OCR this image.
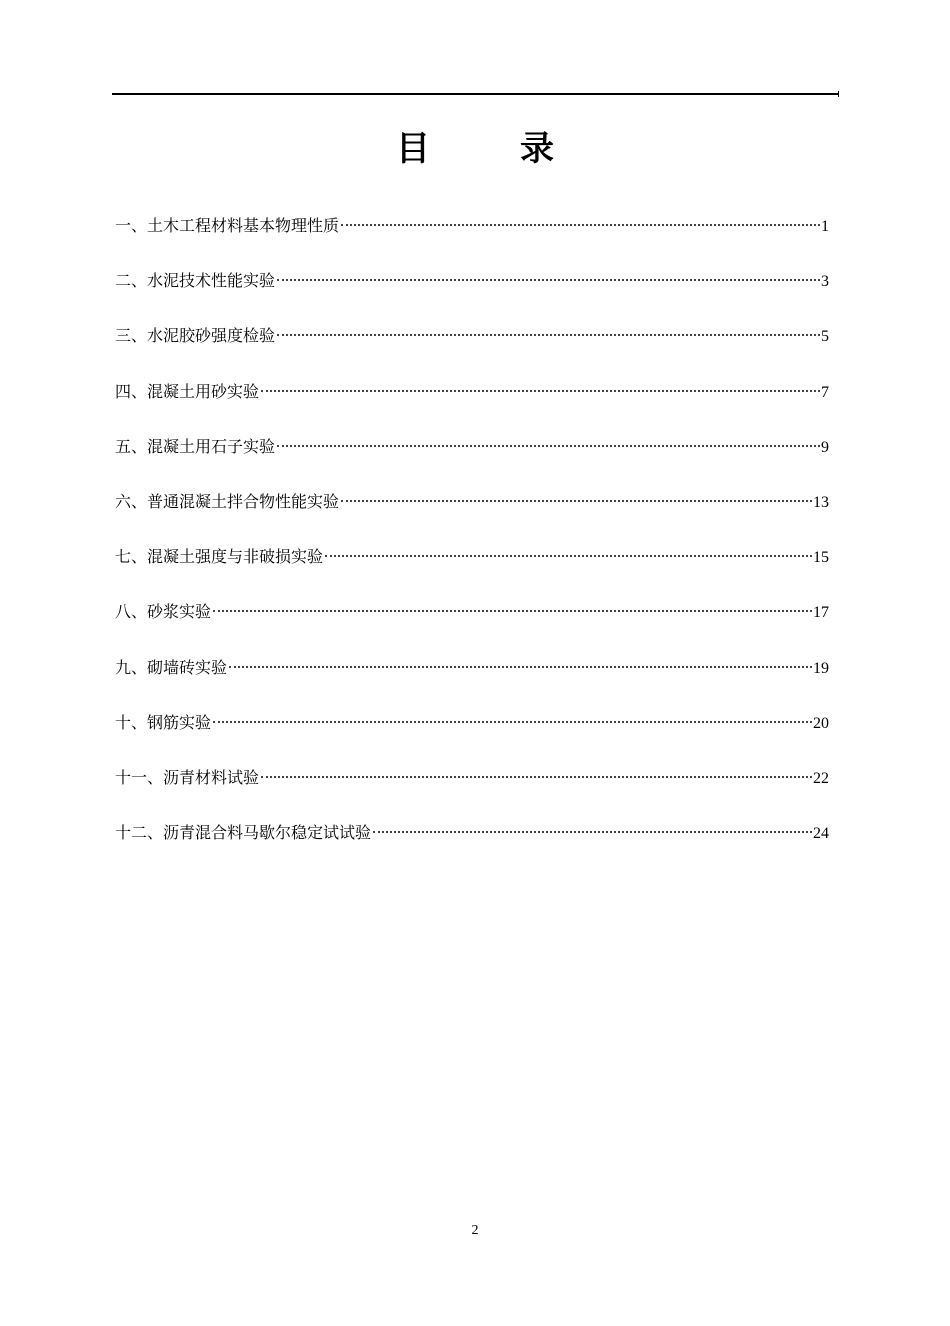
目　录
一、土木工程材料基本物理性质	1
二、水泥技术性能实验	3
三、水泥胶砂强度检验	5
四、混凝土用砂实验	7
五、混凝土用石子实验	9
六、普通混凝土拌合物性能实验	13
七、混凝土强度与非破损实验	15
八、砂浆实验	17
九、砌墙砖实验	19
十、钢筋实验	20
十一、沥青材料试验	22
十二、沥青混合料马歇尔稳定试试验	24
2
